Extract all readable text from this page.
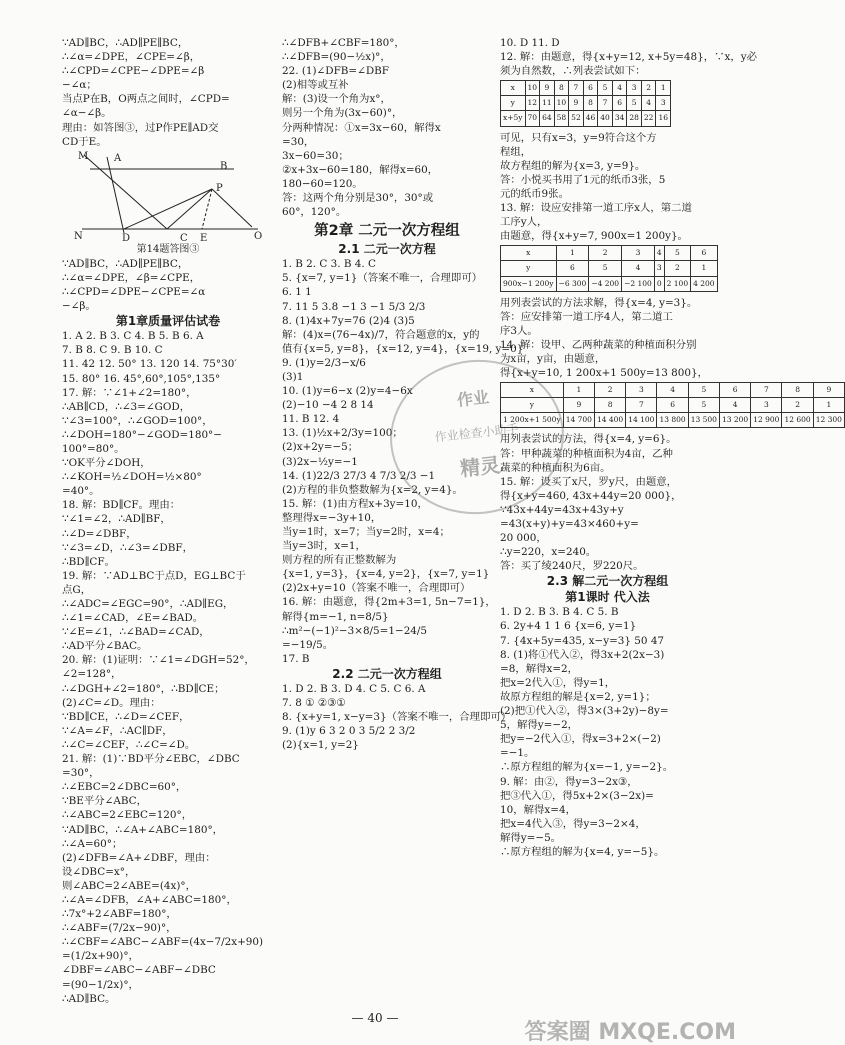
∵AD∥BC，∴AD∥PE∥BC，
∴∠α=∠DPE，∠CPE=∠β，
∴∠CPD=∠CPE−∠DPE=∠β
−∠α；
当点P在B，O两点之间时，∠CPD=
∠α−∠β。
理由：如答图③，过P作PE∥AD交
CD于E。
M	A
B
P
N	D	C E	O
第14题答图③
∵AD∥BC，∴AD∥PE∥BC，
∴∠α=∠DPE，∠β=∠CPE，
∴∠CPD=∠DPE−∠CPE=∠α
−∠β。
第1章质量评估试卷
1. A 2. B 3. C 4. B 5. B 6. A
7. B 8. C 9. B 10. C
11. 42 12. 50° 13. 120 14. 75°30′
15. 80° 16. 45°,60°,105°,135°
17. 解：∵∠1+∠2=180°，
∴AB∥CD，∴∠3=∠GOD，
∵∠3=100°，∴∠GOD=100°，
∴∠DOH=180°−∠GOD=180°−
100°=80°。
∵OK平分∠DOH，
∴∠KOH=½∠DOH=½×80°
=40°。
18. 解：BD∥CF。理由：
∵∠1=∠2，∴AD∥BF，
∴∠D=∠DBF，
∵∠3=∠D，∴∠3=∠DBF，
∴BD∥CF。
19. 解：∵AD⊥BC于点D，EG⊥BC于
点G，
∴∠ADC=∠EGC=90°，∴AD∥EG，
∴∠1=∠CAD，∠E=∠BAD。
∵∠E=∠1，∴∠BAD=∠CAD，
∴AD平分∠BAC。
20. 解：(1)证明：∵∠1=∠DGH=52°，
∠2=128°，
∴∠DGH+∠2=180°，∴BD∥CE；
(2)∠C=∠D。理由：
∵BD∥CE，∴∠D=∠CEF，
∵∠A=∠F，∴AC∥DF，
∴∠C=∠CEF，∴∠C=∠D。
21. 解：(1)∵BD平分∠EBC，∠DBC
=30°，
∴∠EBC=2∠DBC=60°，
∵BE平分∠ABC，
∴∠ABC=2∠EBC=120°，
∵AD∥BC，∴∠A+∠ABC=180°，
∴∠A=60°；
(2)∠DFB=∠A+∠DBF，理由：
设∠DBC=x°，
则∠ABC=2∠ABE=(4x)°，
∴∠A=∠DFB，∠A+∠ABC=180°，
∴7x°+2∠ABF=180°，
∴∠ABF=(7/2x−90)°，
∴∠CBF=∠ABC−∠ABF=(4x−7/2x+90)
=(1/2x+90)°，
∠DBF=∠ABC−∠ABF−∠DBC
=(90−1/2x)°，
∴AD∥BC。
∴∠DFB+∠CBF=180°，
∴∠DFB=(90−½x)°，
22. (1)∠DFB=∠DBF
(2)相等或互补
解：(3)设一个角为x°，
则另一个角为(3x−60)°，
分两种情况：①x=3x−60，解得x
=30，
3x−60=30；
②x+3x−60=180，解得x=60，
180−60=120。
答：这两个角分别是30°，30°或
60°，120°。
第2章 二元一次方程组
2.1 二元一次方程
1. B 2. C 3. B 4. C
5. {x=7, y=1}（答案不唯一，合理即可）
6. 1 1
7. 11 5 3.8 −1 3 −1 5/3 2/3
8. (1)4x+7y=76 (2)4 (3)5
解：(4)x=(76−4x)/7，符合题意的x，y的
值有{x=5, y=8}，{x=12, y=4}，{x=19, y=0}
9. (1)y=2/3−x/6
(3)1
10. (1)y=6−x (2)y=4−6x
(2)−10 −4 2 8 14
11. B 12. 4
13. (1)½x+2/3y=100；
(2)x+2y=−5；
(3)2x−½y=−1
14. (1)22/3 27/3 4 7/3 2/3 −1
(2)方程的非负整数解为{x=2, y=4}。
15. 解：(1)由方程x+3y=10，
整理得x=−3y+10，
当y=1时，x=7；当y=2时，x=4；
当y=3时，x=1，
则方程的所有正整数解为
{x=1, y=3}，{x=4, y=2}，{x=7, y=1}
(2)2x+y=10（答案不唯一，合理即可）
16. 解：由题意，得{2m+3=1, 5n−7=1}，
解得{m=−1, n=8/5}
∴m²−(−1)²−3×8/5=1−24/5
=−19/5。
17. B
2.2 二元一次方程组
1. D 2. B 3. D 4. C 5. C 6. A
7. 8 ① ②③①
8. {x+y=1, x−y=3}（答案不唯一，合理即可）
9. (1)y 6 3 2 0 3 5/2 2 3/2
(2){x=1, y=2}
10. D 11. D
12. 解：由题意，得{x+y=12, x+5y=48}，∵x，y必
须为自然数，∴列表尝试如下：
x	10	9	8	7	6	5	4	3	2	1
y	12	11	10	9	8	7	6	5	4	3
x+5y	70	64	58	52	46	40	34	28	22	16
可见，只有x=3，y=9符合这个方
程组，
故方程组的解为{x=3, y=9}。
答：小悦买书用了1元的纸币3张，5
元的纸币9张。
13. 解：设应安排第一道工序x人，第二道
工序y人，
由题意，得{x+y=7, 900x=1 200y}。
x	1	2	3	4	5	6
y	6	5	4	3	2	1
900x−1 200y	−6 300	−4 200	−2 100	0	2 100	4 200
用列表尝试的方法求解，得{x=4, y=3}。
答：应安排第一道工序4人，第二道工
序3人。
14. 解：设甲、乙两种蔬菜的种植面积分别
为x亩，y亩，由题意，
得{x+y=10, 1 200x+1 500y=13 800}，
x	1	2	3	4	5	6	7	8	9
y	9	8	7	6	5	4	3	2	1
1 200x+1 500y	14 700	14 400	14 100	13 800	13 500	13 200	12 900	12 600	12 300
用列表尝试的方法，得{x=4, y=6}。
答：甲种蔬菜的种植面积为4亩，乙种
蔬菜的种植面积为6亩。
15. 解：设买了x尺，罗y尺，由题意，
得{x+y=460, 43x+44y=20 000}，
∵43x+44y=43x+43y+y
=43(x+y)+y=43×460+y=
20 000，
∴y=220，x=240。
答：买了绫240尺，罗220尺。
2.3 解二元一次方程组
第1课时 代入法
1. D 2. B 3. B 4. C 5. B
6. 2y+4 1 1 6 {x=6, y=1}
7. {4x+5y=435, x−y=3} 50 47
8. (1)将①代入②，得3x+2(2x−3)
=8，解得x=2，
把x=2代入①，得y=1，
故原方程组的解是{x=2, y=1}；
(2)把①代入②，得3×(3+2y)−8y=
5，解得y=−2，
把y=−2代入①，得x=3+2×(−2)
=−1。
∴原方程组的解为{x=−1, y=−2}。
9. 解：由②，得y=3−2x③，
把③代入①，得5x+2×(3−2x)=
10，解得x=4，
把x=4代入③，得y=3−2×4，
解得y=−5。
∴原方程组的解为{x=4, y=−5}。
作业
作业检查小助手
精灵
— 40 —
答案圈 MXQE.COM
